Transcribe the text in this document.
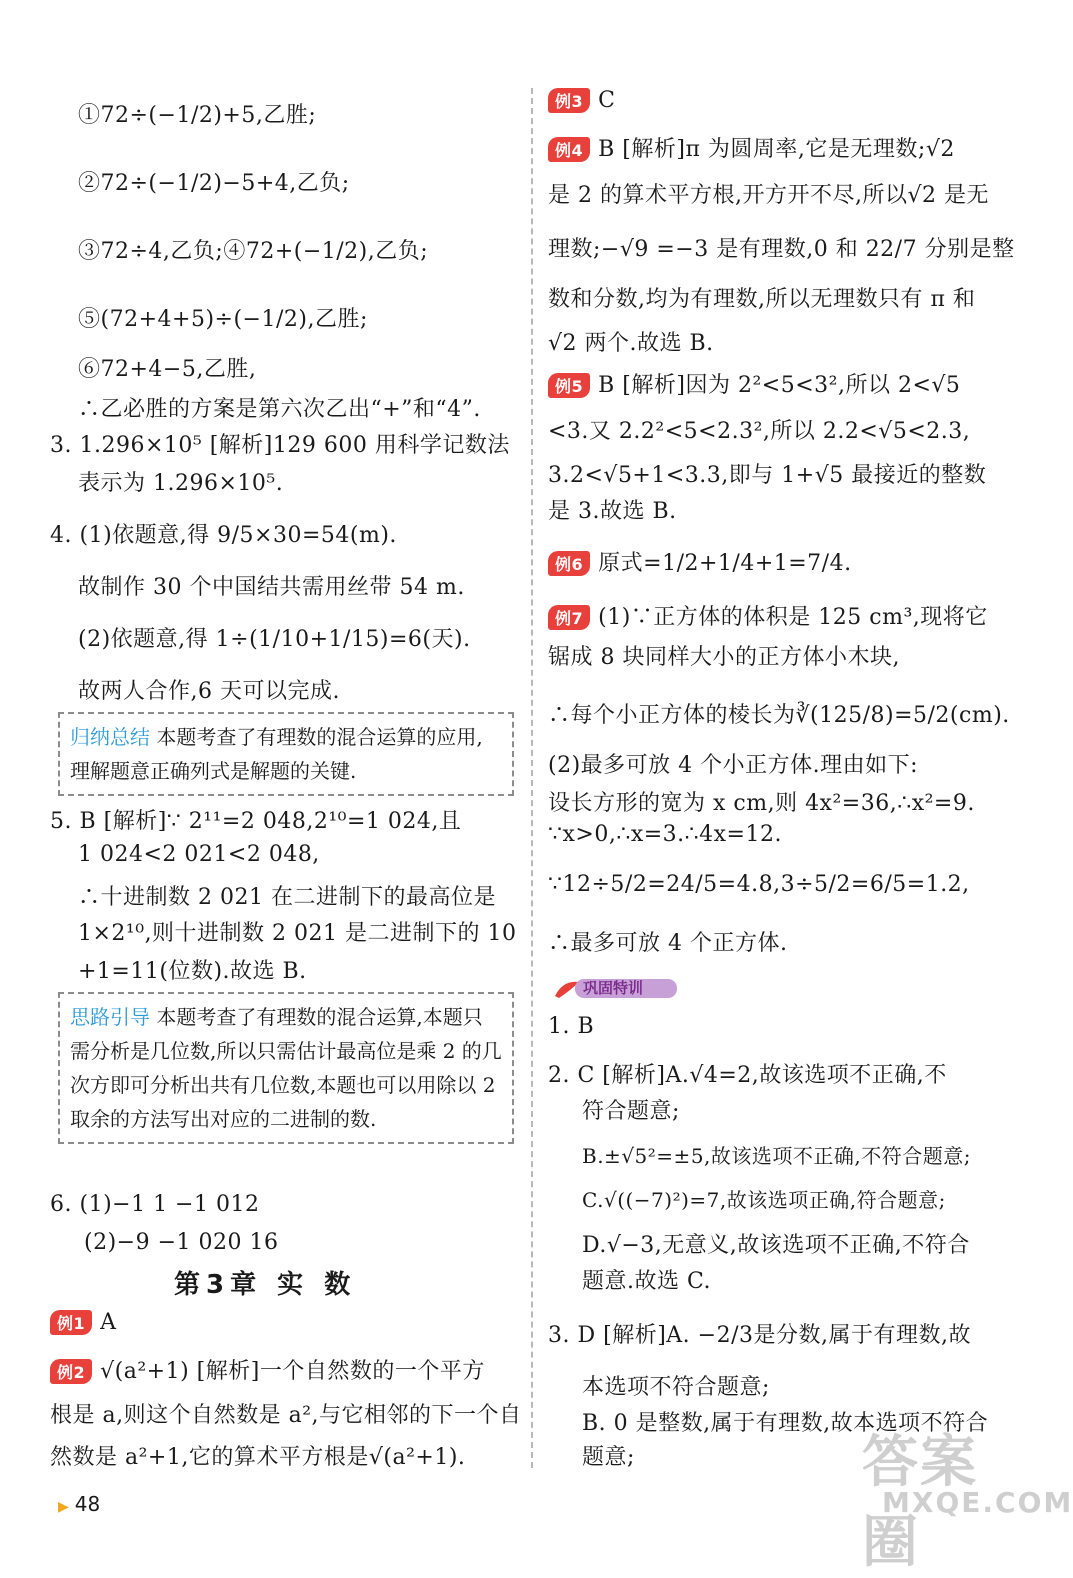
①72÷(−1/2)+5,乙胜;
②72÷(−1/2)−5+4,乙负;
③72÷4,乙负;④72+(−1/2),乙负;
⑤(72+4+5)÷(−1/2),乙胜;
⑥72+4−5,乙胜,
∴乙必胜的方案是第六次乙出“+”和“4”.
3. 1.296×10⁵ [解析]129 600 用科学记数法
表示为 1.296×10⁵.
4. (1)依题意,得 9/5×30=54(m).
故制作 30 个中国结共需用丝带 54 m.
(2)依题意,得 1÷(1/10+1/15)=6(天).
故两人合作,6 天可以完成.
归纳总结 本题考查了有理数的混合运算的应用,理解题意正确列式是解题的关键.
5. B [解析]∵ 2¹¹=2 048,2¹⁰=1 024,且
1 024<2 021<2 048,
∴十进制数 2 021 在二进制下的最高位是
1×2¹⁰,则十进制数 2 021 是二进制下的 10
+1=11(位数).故选 B.
思路引导 本题考查了有理数的混合运算,本题只需分析是几位数,所以只需估计最高位是乘 2 的几次方即可分析出共有几位数,本题也可以用除以 2 取余的方法写出对应的二进制的数.
6. (1)−1 1 −1 012
(2)−9 −1 020 16
第3章 实 数
例1 A
例2 √(a²+1) [解析]一个自然数的一个平方
根是 a,则这个自然数是 a²,与它相邻的下一个自
然数是 a²+1,它的算术平方根是√(a²+1).
例3 C
例4 B [解析]π 为圆周率,它是无理数;√2
是 2 的算术平方根,开方开不尽,所以√2 是无
理数;−√9 =−3 是有理数,0 和 22/7 分别是整
数和分数,均为有理数,所以无理数只有 π 和
√2 两个.故选 B.
例5 B [解析]因为 2²<5<3²,所以 2<√5
<3.又 2.2²<5<2.3²,所以 2.2<√5<2.3,
3.2<√5+1<3.3,即与 1+√5 最接近的整数
是 3.故选 B.
例6 原式=1/2+1/4+1=7/4.
例7 (1)∵正方体的体积是 125 cm³,现将它
锯成 8 块同样大小的正方体小木块,
∴每个小正方体的棱长为∛(125/8)=5/2(cm).
(2)最多可放 4 个小正方体.理由如下:
设长方形的宽为 x cm,则 4x²=36,∴x²=9.
∵x>0,∴x=3.∴4x=12.
∵12÷5/2=24/5=4.8,3÷5/2=6/5=1.2,
∴最多可放 4 个正方体.
1. B
2. C [解析]A.√4=2,故该选项不正确,不
符合题意;
B.±√5²=±5,故该选项不正确,不符合题意;
C.√((−7)²)=7,故该选项正确,符合题意;
D.√−3,无意义,故该选项不正确,不符合
题意.故选 C.
3. D [解析]A. −2/3是分数,属于有理数,故
本选项不符合题意;
B. 0 是整数,属于有理数,故本选项不符合
题意;
巩固特训
▶ 48
答案圈
MXQE.COM
